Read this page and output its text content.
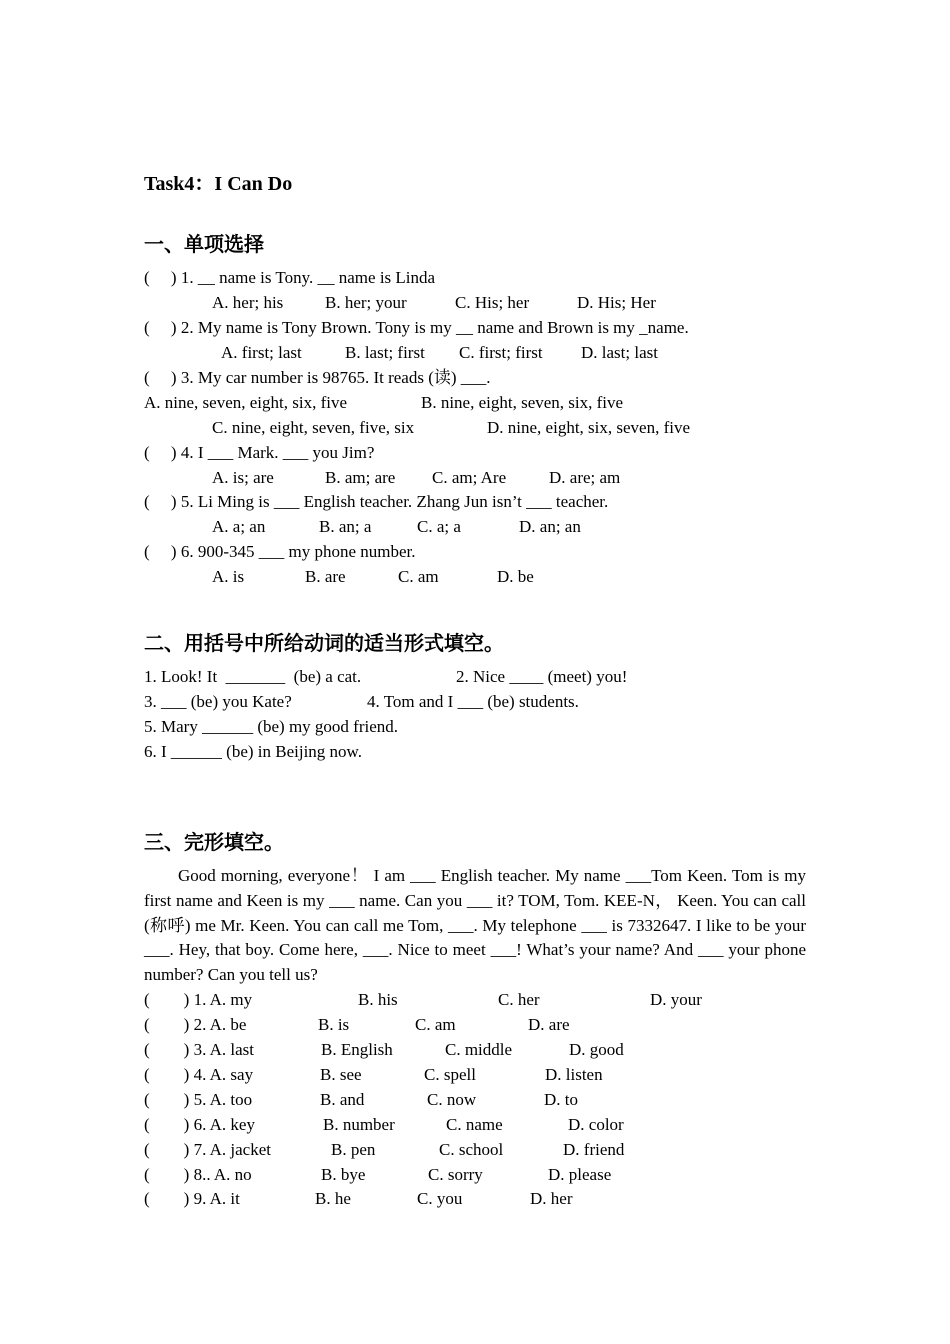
Task4：I Can Do
一、单项选择
(     ) 1. __ name is Tony. __ name is Linda
A. her; his B. her; your	C. His; her	D. His; Her
(     ) 2. My name is Tony Brown. Tony is my __ name and Brown is my _name.
A. first; last	B. last; first C. first; first D. last; last
(     ) 3. My car number is 98765. It reads (读) ___.
A. nine, seven, eight, six, five	B. nine, eight, seven, six, five
C. nine, eight, seven, five, six	D. nine, eight, six, seven, five
(     ) 4. I ___ Mark. ___ you Jim?
A. is; are	B. am; are C. am; Are	D. are; am
(     ) 5. Li Ming is ___ English teacher. Zhang Jun isn’t ___ teacher.
A. a; an	B. an; a	C. a; a	D. an; an
(     ) 6. 900-345 ___ my phone number.
A. is	B. are	C. am	D. be
二、用括号中所给动词的适当形式填空。
1. Look! It  _______  (be) a cat.	2. Nice ____ (meet) you!
3. ___ (be) you Kate?	4. Tom and I ___ (be) students.
5. Mary ______ (be) my good friend.
6. I ______ (be) in Beijing now.
三、完形填空。
Good morning, everyone！ I am ___ English teacher. My name ___Tom Keen. Tom is my first name and Keen is my ___ name. Can you ___ it? TOM, Tom. KEE-N， Keen. You can call (称呼) me Mr. Keen. You can call me Tom, ___. My telephone ___ is 7332647. I like to be your ___. Hey, that boy. Come here, ___. Nice to meet ___! What’s your name? And ___ your phone number? Can you tell us?
(        ) 1. A. my	B. his	C. her	D. your
(        ) 2. A. be	B. is	C. am	D. are
(        ) 3. A. last	B. English	C. middle	D. good
(        ) 4. A. say	B. see	C. spell	D. listen
(        ) 5. A. too	B. and	C. now	D. to
(        ) 6. A. key	B. number	C. name	D. color
(        ) 7. A. jacket	B. pen	C. school	D. friend
(        ) 8.. A. no	B. bye	C. sorry	D. please
(        ) 9. A. it	B. he	C. you	D. her
